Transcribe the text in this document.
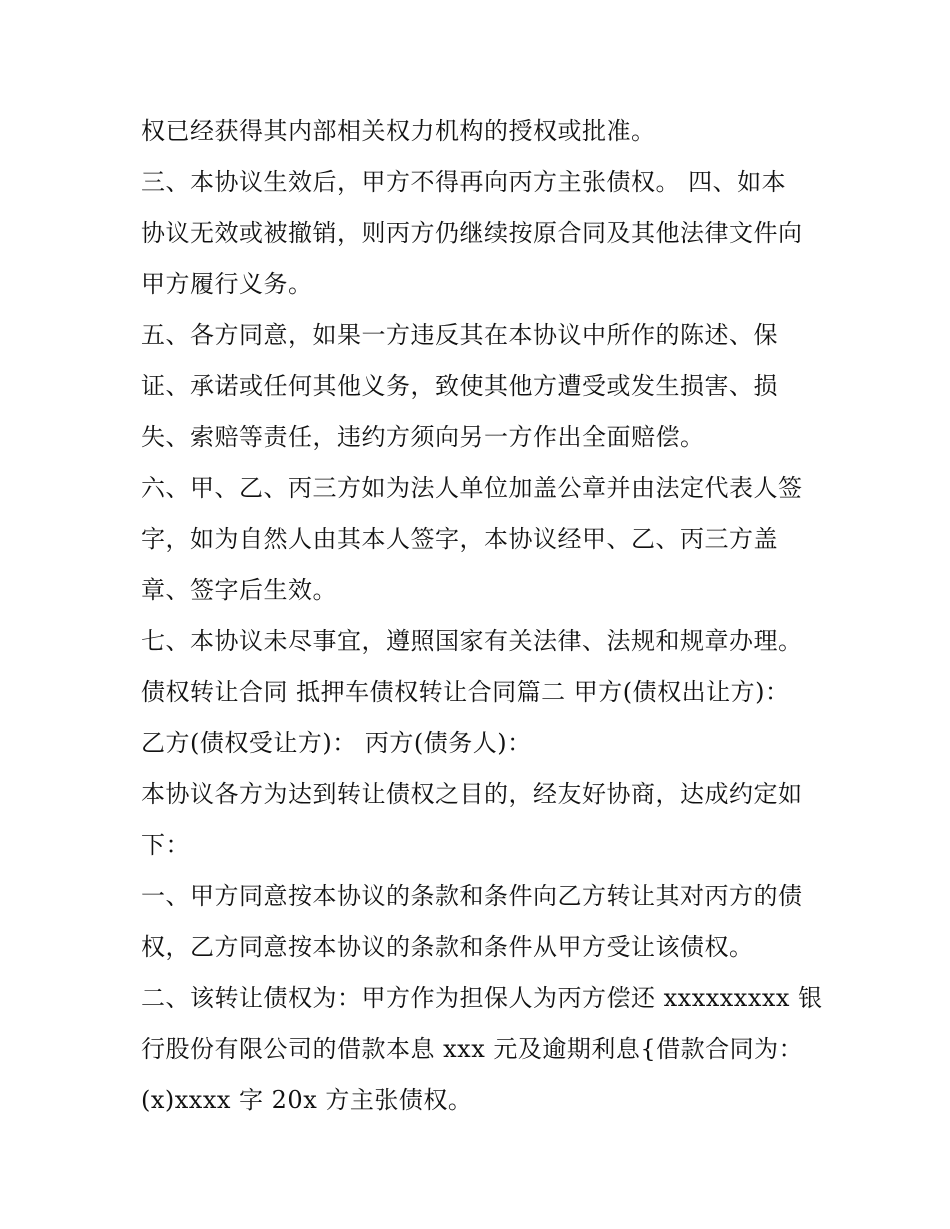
权已经获得其内部相关权力机构的授权或批准。
三、本协议生效后，甲方不得再向丙方主张债权。 四、如本
协议无效或被撤销，则丙方仍继续按原合同及其他法律文件向
甲方履行义务。
五、各方同意，如果一方违反其在本协议中所作的陈述、保
证、承诺或任何其他义务，致使其他方遭受或发生损害、损
失、索赔等责任，违约方须向另一方作出全面赔偿。
六、甲、乙、丙三方如为法人单位加盖公章并由法定代表人签
字，如为自然人由其本人签字，本协议经甲、乙、丙三方盖
章、签字后生效。
七、本协议未尽事宜，遵照国家有关法律、法规和规章办理。
债权转让合同 抵押车债权转让合同篇二 甲方(债权出让方)：
乙方(债权受让方)： 丙方(债务人)：
本协议各方为达到转让债权之目的，经友好协商，达成约定如
下：
一、甲方同意按本协议的条款和条件向乙方转让其对丙方的债
权，乙方同意按本协议的条款和条件从甲方受让该债权。
二、该转让债权为：甲方作为担保人为丙方偿还 xxxxxxxxx 银
行股份有限公司的借款本息 xxx 元及逾期利息{借款合同为：
(x)xxxx 字 20x 方主张债权。
